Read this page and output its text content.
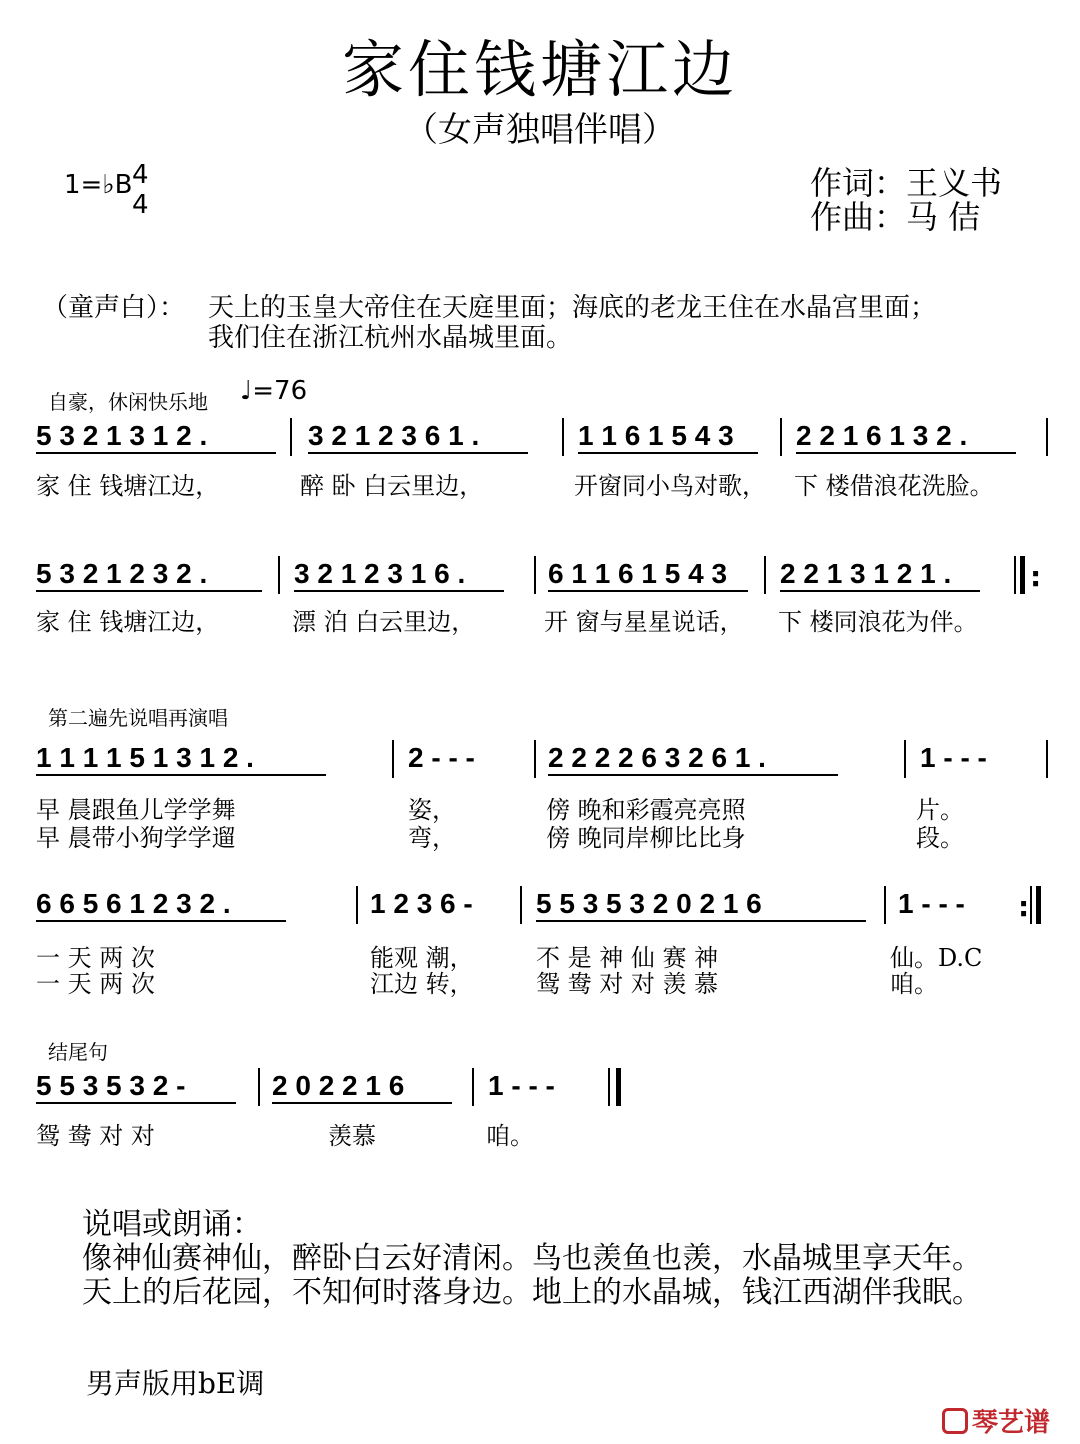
家住钱塘江边
（女声独唱伴唱）
1=♭B 4
4
作词：王义书
作曲：马 佶
（童声白）： 天上的玉皇大帝住在天庭里面；海底的老龙王住在水晶宫里面；
我们住在浙江杭州水晶城里面。
自豪，休闲快乐地 ♩=76
5 3 2 1 3 1 2 .	3 2 1 2 3 6 1 .	1 1 6 1 5 4 3 2 2 1 6 1 3 2 .
家 住 钱塘江边，	醉 卧 白云里边，	开窗同小鸟对歌， 下 楼借浪花洗脸。
5 3 2 1 2 3 2 .	3 2 1 2 3 1 6 .	6 1 1 6 1 5 4 3 2 2 1 3 1 2 1 .	:
家 住 钱塘江边，	漂 泊 白云里边，	开 窗与星星说话， 下 楼同浪花为伴。
第二遍先说唱再演唱
1 1 1 1 5 1 3 1 2 .	2 - - -	2 2 2 2 6 3 2 6 1 .	1 - - -
早 晨跟鱼儿学学舞	姿，	傍 晚和彩霞亮亮照	片。
早 晨带小狗学学遛	弯，	傍 晚同岸柳比比身	段。
6 6 5 6 1 2 3 2 .	1 2 3 6 - 5 5 3 5 3 2 0 2 1 6	1 - - - :
一 天 两 次	能观 潮，	不 是 神 仙 赛 神	仙。D.C
一 天 两 次	江边 转，	鸳 鸯 对 对 羡 慕	咱。
结尾句
5 5 3 5 3 2 -	2 0 2 2 1 6	1 - - -
鸳 鸯 对 对	羡慕	咱。
说唱或朗诵：
像神仙赛神仙，醉卧白云好清闲。鸟也羡鱼也羡，水晶城里享天年。
天上的后花园，不知何时落身边。地上的水晶城，钱江西湖伴我眠。
男声版用bE调
琴艺谱
